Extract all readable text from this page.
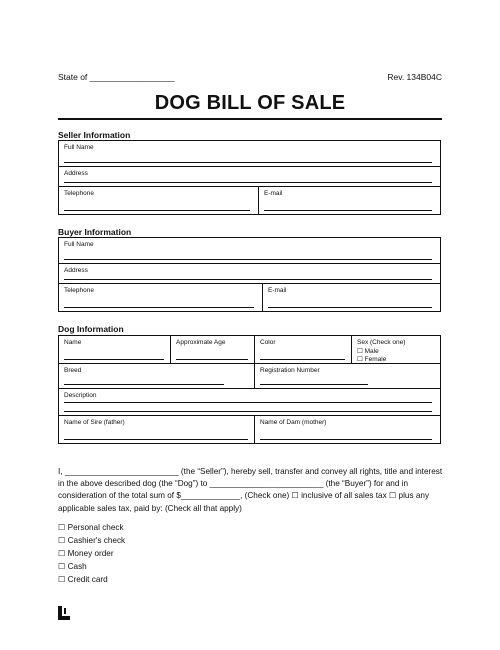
State of __________________	Rev. 134B04C
DOG BILL OF SALE
Seller Information
Full Name
Address
Telephone	E-mail
Buyer Information
Full Name
Address
Telephone	E-mail
Dog Information
Name	Approximate Age	Color	Sex (Check one)
☐ Male
☐ Female
Breed	Registration Number
Description
Name of Sire (father)	Name of Dam (mother)
I, _________________________ (the “Seller”), hereby sell, transfer and convey all rights, title and interest
in the above described dog (the “Dog”) to _________________________ (the “Buyer”) for and in
consideration of the total sum of $_____________, (Check one) ☐ inclusive of all sales tax ☐ plus any
applicable sales tax, paid by: (Check all that apply)
☐ Personal check
☐ Cashier's check
☐ Money order
☐ Cash
☐ Credit card
